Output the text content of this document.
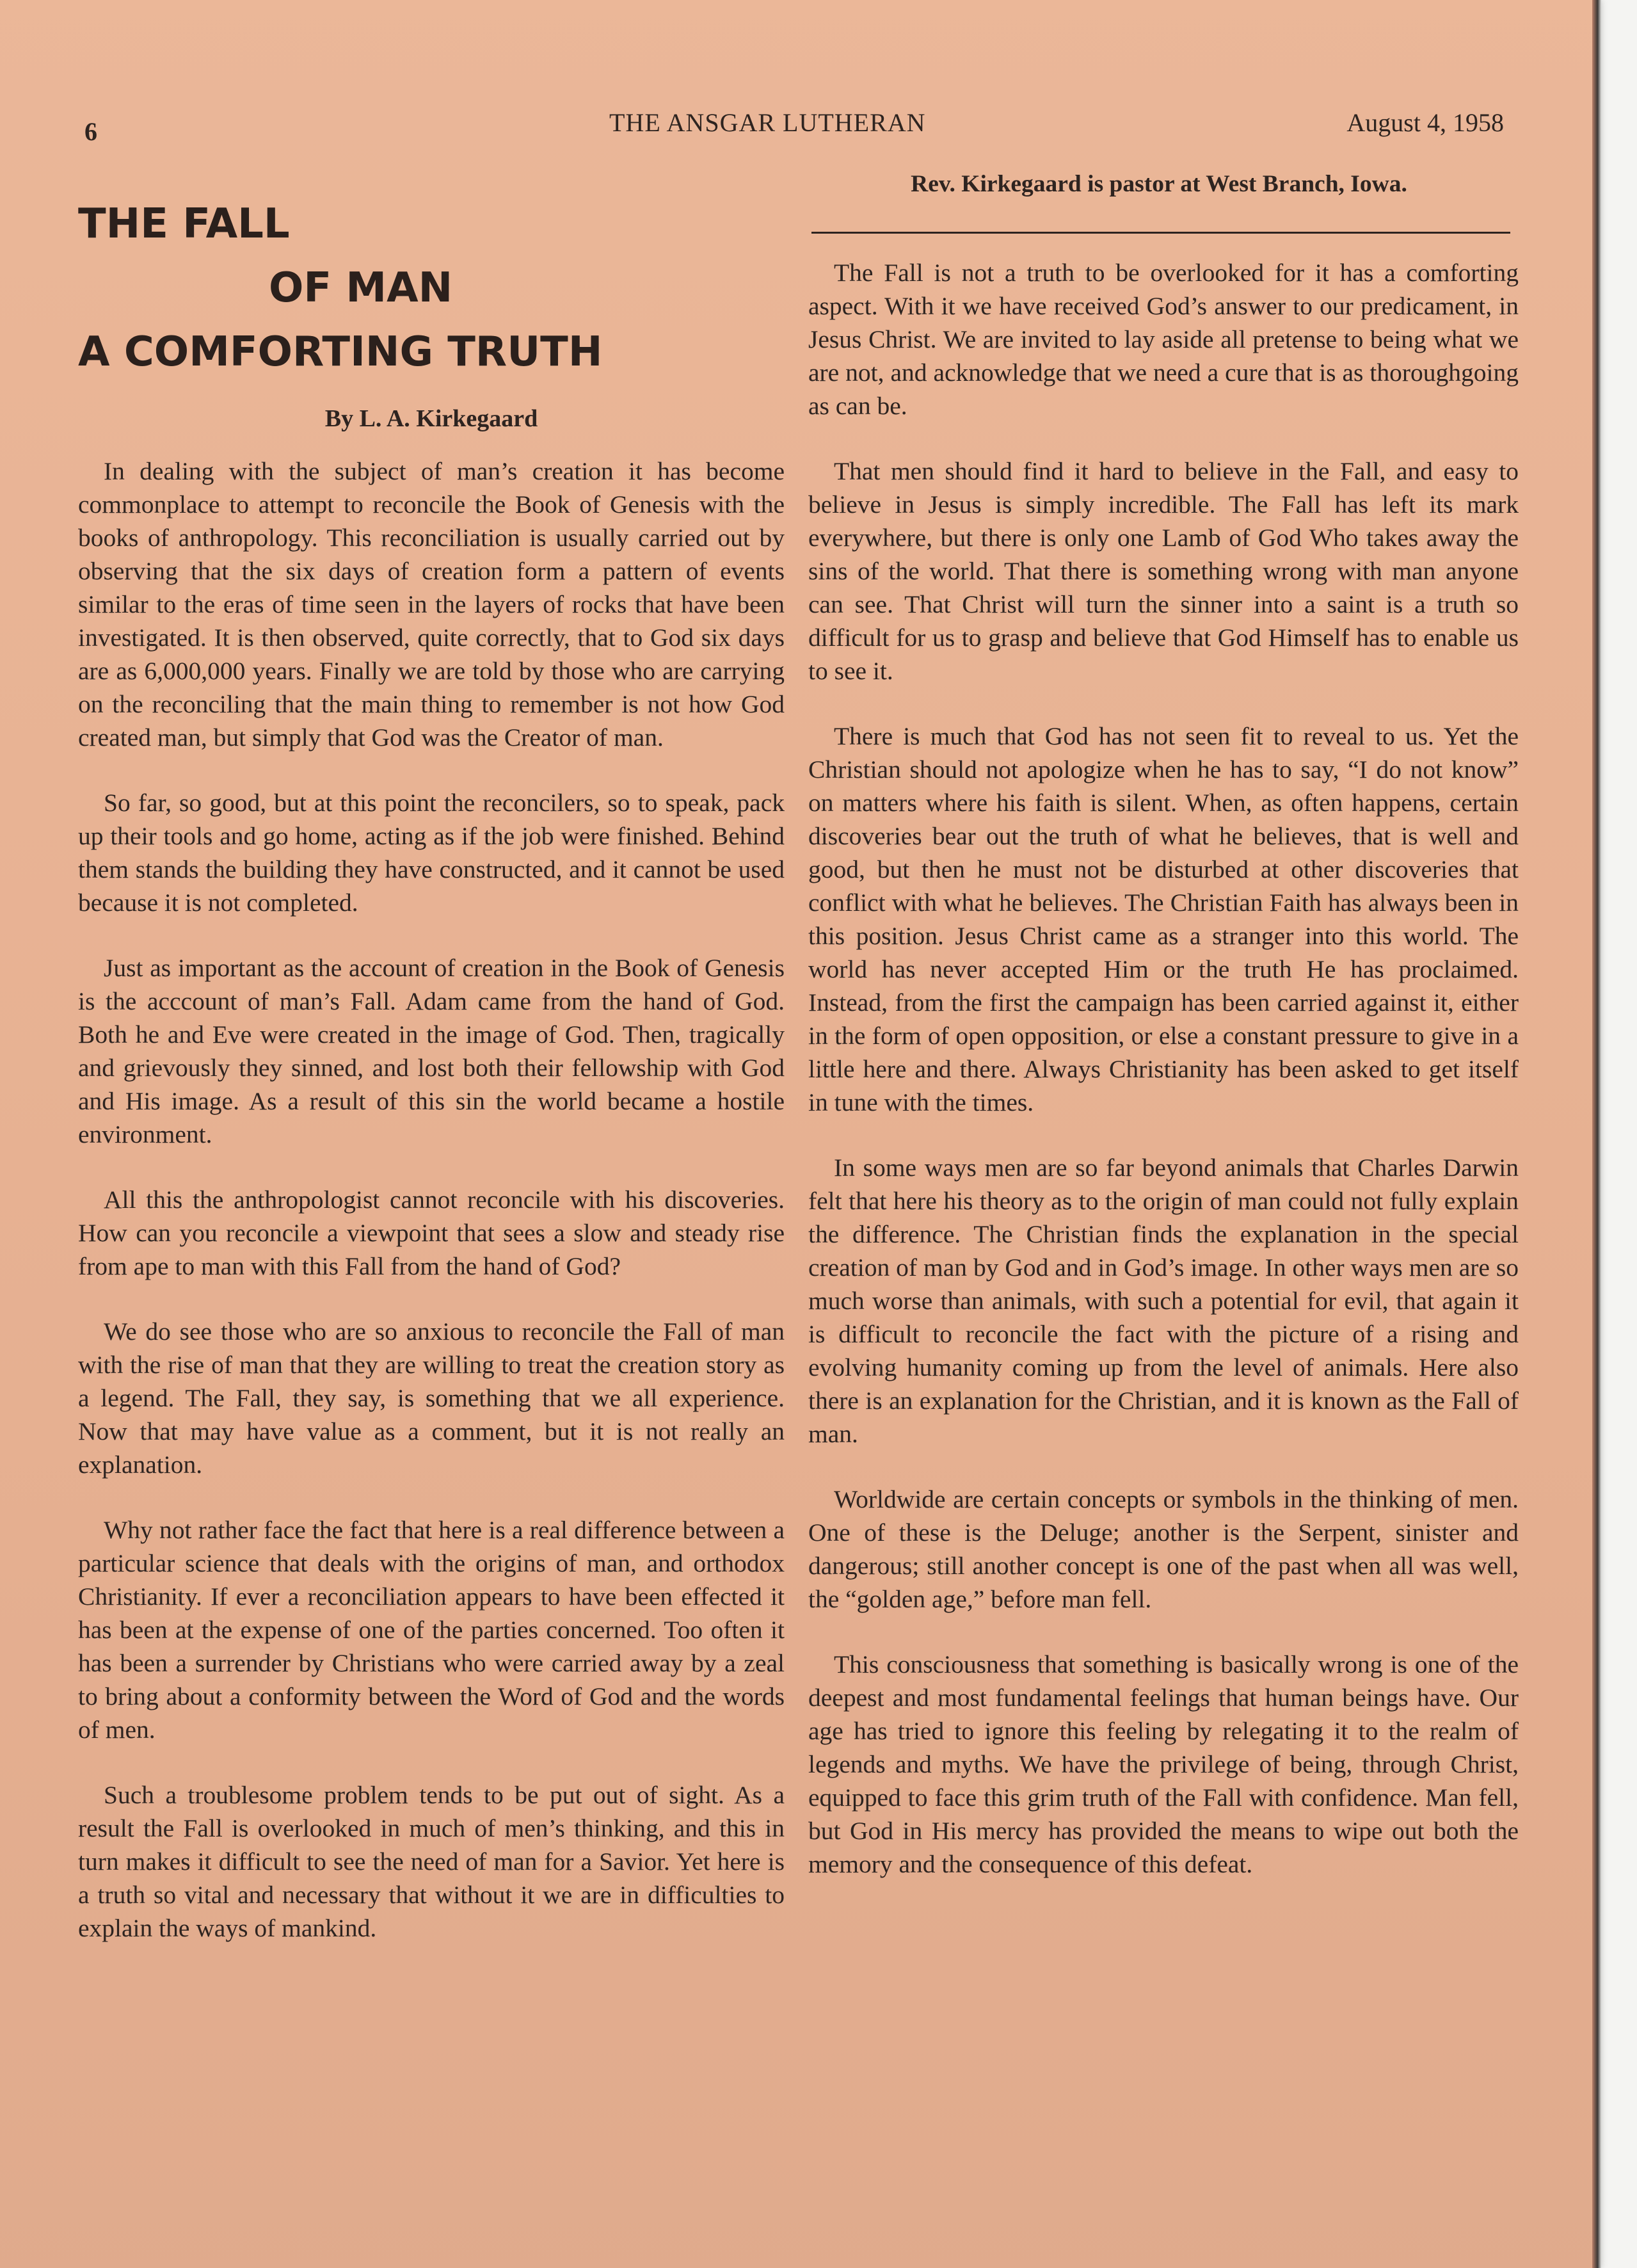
6	THE ANSGAR LUTHERAN	August 4, 1958
THE FALL
OF MAN
A COMFORTING TRUTH
By L. A. Kirkegaard

In dealing with the subject of man’s creation it has become commonplace to attempt to reconcile the Book of Genesis with the books of anthropology. This reconciliation is usually carried out by observing that the six days of creation form a pattern of events similar to the eras of time seen in the layers of rocks that have been investigated. It is then observed, quite correctly, that to God six days are as 6,000,000 years. Finally we are told by those who are carrying on the reconciling that the main thing to remember is not how God created man, but simply that God was the Creator of man.

So far, so good, but at this point the reconcilers, so to speak, pack up their tools and go home, acting as if the job were finished. Behind them stands the building they have constructed, and it cannot be used because it is not completed.

Just as important as the account of creation in the Book of Genesis is the acccount of man’s Fall. Adam came from the hand of God. Both he and Eve were created in the image of God. Then, tragically and grievously they sinned, and lost both their fellowship with God and His image. As a result of this sin the world became a hostile environment.

All this the anthropologist cannot reconcile with his discoveries. How can you reconcile a viewpoint that sees a slow and steady rise from ape to man with this Fall from the hand of God?

We do see those who are so anxious to reconcile the Fall of man with the rise of man that they are willing to treat the creation story as a legend. The Fall, they say, is something that we all experience. Now that may have value as a comment, but it is not really an explanation.

Why not rather face the fact that here is a real difference between a particular science that deals with the origins of man, and orthodox Christianity. If ever a reconciliation appears to have been effected it has been at the expense of one of the parties concerned. Too often it has been a surrender by Christians who were carried away by a zeal to bring about a conformity between the Word of God and the words of men.

Such a troublesome problem tends to be put out of sight. As a result the Fall is overlooked in much of men’s thinking, and this in turn makes it difficult to see the need of man for a Savior. Yet here is a truth so vital and necessary that without it we are in difficulties to explain the ways of mankind.

Rev. Kirkegaard is pastor at West Branch, Iowa.

The Fall is not a truth to be overlooked for it has a comforting aspect. With it we have received God’s answer to our predicament, in Jesus Christ. We are invited to lay aside all pretense to being what we are not, and acknowledge that we need a cure that is as thoroughgoing as can be.

That men should find it hard to believe in the Fall, and easy to believe in Jesus is simply incredible. The Fall has left its mark everywhere, but there is only one Lamb of God Who takes away the sins of the world. That there is something wrong with man anyone can see. That Christ will turn the sinner into a saint is a truth so difficult for us to grasp and believe that God Himself has to enable us to see it.

There is much that God has not seen fit to reveal to us. Yet the Christian should not apologize when he has to say, “I do not know” on matters where his faith is silent. When, as often happens, certain discoveries bear out the truth of what he believes, that is well and good, but then he must not be disturbed at other discoveries that conflict with what he believes. The Christian Faith has always been in this position. Jesus Christ came as a stranger into this world. The world has never accepted Him or the truth He has proclaimed. Instead, from the first the campaign has been carried against it, either in the form of open opposition, or else a constant pressure to give in a little here and there. Always Christianity has been asked to get itself in tune with the times.

In some ways men are so far beyond animals that Charles Darwin felt that here his theory as to the origin of man could not fully explain the difference. The Christian finds the explanation in the special creation of man by God and in God’s image. In other ways men are so much worse than animals, with such a potential for evil, that again it is difficult to reconcile the fact with the picture of a rising and evolving humanity coming up from the level of animals. Here also there is an explanation for the Christian, and it is known as the Fall of man.

Worldwide are certain concepts or symbols in the thinking of men. One of these is the Deluge; another is the Serpent, sinister and dangerous; still another concept is one of the past when all was well, the “golden age,” before man fell.

This consciousness that something is basically wrong is one of the deepest and most fundamental feelings that human beings have. Our age has tried to ignore this feeling by relegating it to the realm of legends and myths. We have the privilege of being, through Christ, equipped to face this grim truth of the Fall with confidence. Man fell, but God in His mercy has provided the means to wipe out both the memory and the consequence of this defeat.
